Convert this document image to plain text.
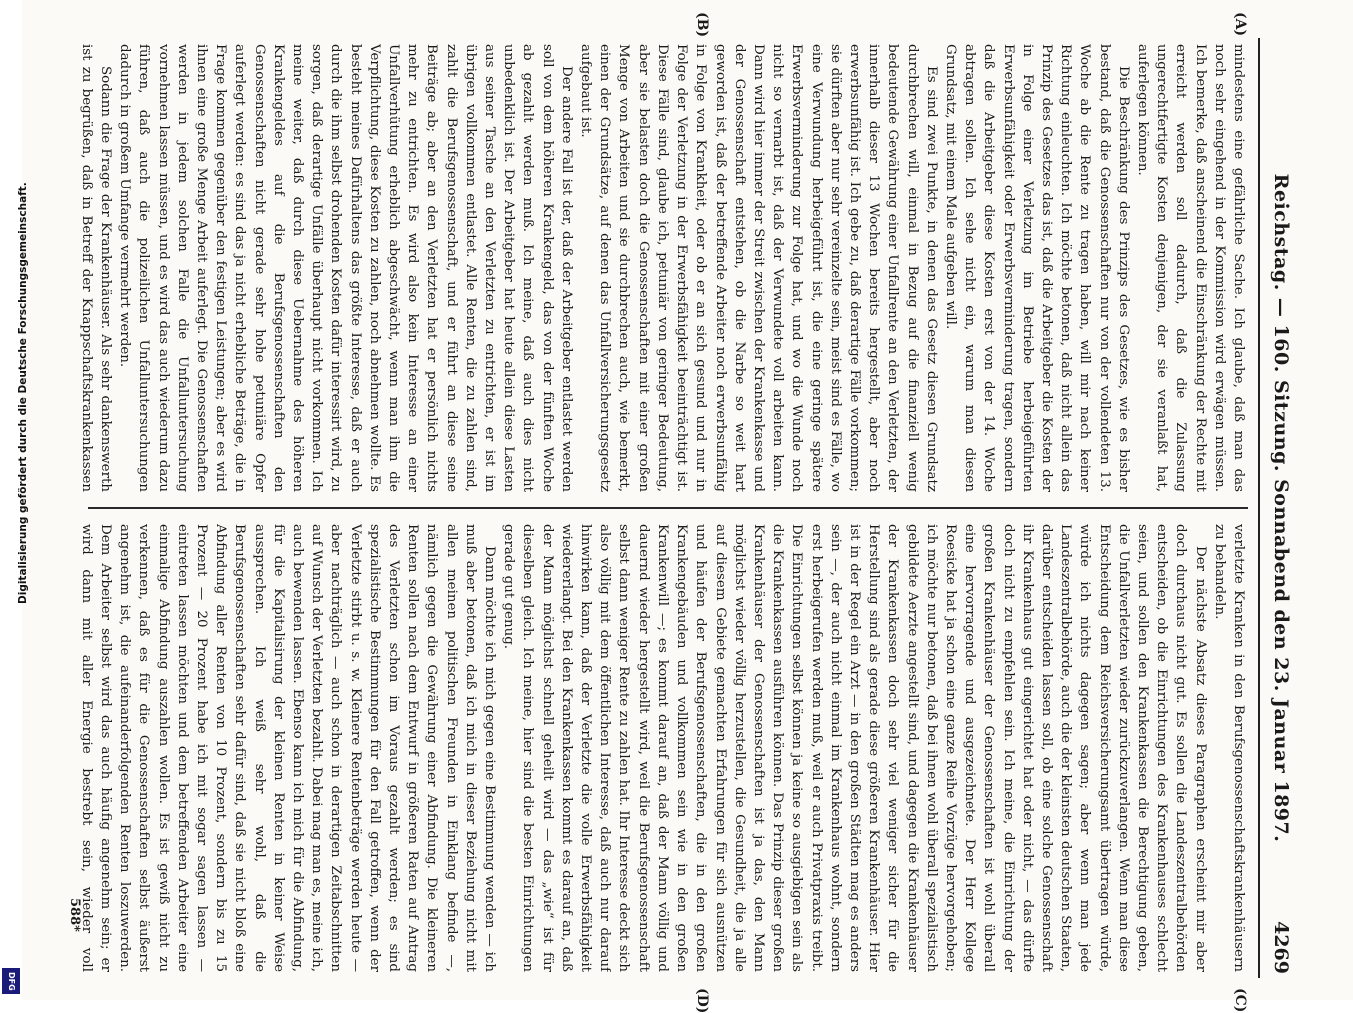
Reichstag. — 160. Sitzung. Sonnabend den 23. Januar 1897.
4269
(A)
(B)
(C)
(D)

mindestens eine gefährliche Sache. Ich glaube, daß man das noch sehr eingehend in der Kommission wird erwägen müssen. Ich bemerke, daß anscheinend die Einschränkung der Rechte mit erreicht werden soll dadurch, daß die Zulassung ungerechtfertigte Kosten denjenigen, der sie veranlaßt hat, auferlegen können.

Die Beschränkung des Prinzips des Gesetzes, wie es bisher bestand, daß die Genossenschaften nur von der vollendeten 13. Woche ab die Rente zu tragen haben, will mir nach keiner Richtung einleuchten. Ich möchte betonen, daß nicht allein das Prinzip des Gesetzes das ist, daß die Arbeitgeber die Kosten der in Folge einer Verletzung im Betriebe herbeigeführten Erwerbsunfähigkeit oder Erwerbsverminderung tragen, sondern daß die Arbeitgeber diese Kosten erst von der 14. Woche abtragen sollen. Ich sehe nicht ein, warum man diesen Grundsatz, mit einem Male aufgeben will.

Es sind zwei Punkte, in denen das Gesetz diesen Grundsatz durchbrechen will, einmal in Bezug auf die finanziell wenig bedeutende Gewährung einer Unfallrente an den Verletzten, der innerhalb dieser 13 Wochen bereits hergestellt, aber noch erwerbsunfähig ist. Ich gebe zu, daß derartige Fälle vorkommen; sie dürften aber nur sehr vereinzelte sein, meist sind es Fälle, wo eine Verwundung herbeigeführt ist, die eine geringe spätere Erwerbsverminderung zur Folge hat, und wo die Wunde noch nicht so vernarbt ist, daß der Verwundete voll arbeiten kann. Dann wird hier immer der Streit zwischen der Krankenkasse und der Genossenschaft entstehen, ob die Narbe so weit hart geworden ist, daß der betreffende Arbeiter noch erwerbsunfähig in Folge von Krankheit, oder ob er an sich gesund und nur in Folge der Verletzung in der Erwerbsfähigkeit beeinträchtigt ist. Diese Fälle sind, glaube ich, petuniär von geringer Bedeutung, aber sie belasten doch die Genossenschaften mit einer großen Menge von Arbeiten und sie durchbrechen auch, wie bemerkt, einen der Grundsätze, auf denen das Unfallversicherungsgesetz aufgebaut ist.

Der andere Fall ist der, daß der Arbeitgeber entlastet werden soll von dem höheren Krankengeld, das von der fünften Woche ab gezahlt werden muß. Ich meine, daß auch dies nicht unbedenklich ist. Der Arbeitgeber hat heute allein diese Lasten aus seiner Tasche an den Verletzten zu entrichten, er ist im übrigen vollkommen entlastet. Alle Renten, die zu zahlen sind, zahlt die Berufsgenossenschaft, und er führt an diese seine Beiträge ab; aber an den Verletzten hat er persönlich nichts mehr zu entrichten. Es wird also kein Interesse an einer Unfallverhütung erheblich abgeschwächt, wenn man ihm die Verpflichtung, diese Kosten zu zahlen, noch abnehmen wollte. Es besteht meines Dafürhaltens das größte Interesse, daß er auch durch die ihm selbst drohenden Kosten dafür interessirt wird, zu sorgen, daß derartige Unfälle überhaupt nicht vorkommen. Ich meine weiter, daß durch diese Uebernahme des höheren Krankengeldes auf die Berufsgenossenschaften den Genossenschaften nicht gerade sehr hohe petuniäre Opfer auferlegt werden: es sind das ja nicht erhebliche Beträge, die in Frage kommen gegenüber den festigen Leistungen; aber es wird ihnen eine große Menge Arbeit auferlegt. Die Genossenschaften werden in jedem solchen Falle die Unfalluntersuchung vornehmen lassen müssen, und es wird das auch wiederum dazu führen, daß auch die polizeilichen Unfalluntersuchungen dadurch in großem Umfange vermehrt werden.

Sodann die Frage der Krankenhäuser. Als sehr dankenswerth ist zu begrüßen, daß in Betreff der Knappschaftskrankenkassen

verletzte Kranken in den Berufsgenossenschaftskrankenhäusern zu behandeln.

Der nächste Absatz dieses Paragraphen erscheint mir aber doch durchaus nicht gut. Es sollen die Landeszentralbehörden entscheiden, ob die Einrichtungen des Krankenhauses schlecht seien, und sollen den Krankenkassen die Berechtigung geben, die Unfallverletzten wieder zurückzuverlangen. Wenn man diese Entscheidung dem Reichsversicherungsamt übertragen würde, würde ich nichts dagegen sagen; aber wenn man jede Landeszentralbehörde, auch die der kleinsten deutschen Staaten, darüber entscheiden lassen soll, ob eine solche Genossenschaft ihr Krankenhaus gut eingerichtet hat oder nicht, — das dürfte doch nicht zu empfehlen sein. Ich meine, die Einrichtung der großen Krankenhäuser der Genossenschaften ist wohl überall eine hervorragende und ausgezeichnete. Der Herr Kollege Roesicke hat ja schon eine ganze Reihe Vorzüge hervorgehoben; ich möchte nur betonen, daß bei ihnen wohl überall spezialistisch gebildete Aerzte angestellt sind, und dagegen die Krankenhäuser der Krankenkassen doch sehr viel weniger sicher für die Herstellung sind als gerade diese größeren Krankenhäuser. Hier ist in der Regel ein Arzt — in den großen Städten mag es anders sein —, der auch nicht einmal im Krankenhaus wohnt, sondern erst herbeigerufen werden muß, weil er auch Privatpraxis treibt. Die Einrichtungen selbst können ja keine so ausgiebigen sein als die Krankenkassen ausführen können. Das Prinzip dieser großen Krankenhäuser der Genossenschaften ist ja das, den Mann möglichst wieder völlig herzustellen, die Gesundheit, die ja alle auf diesem Gebiete gemachten Erfahrungen für sich ausnützen und häufen der Berufsgenossenschaften, die in den großen Krankengebäuden und vollkommen sein wie in den großen Krankenwill —; es kommt darauf an, daß der Mann völlig und dauernd wieder hergestellt wird, weil die Berufsgenossenschaft selbst dann weniger Rente zu zahlen hat. Ihr Interesse deckt sich also völlig mit dem öffentlichen Interesse, daß auch nur darauf hinwirken kann, daß der Verletzte die volle Erwerbsfähigkeit wiedererlangt. Bei den Krankenkassen kommt es darauf an, daß der Mann möglichst schnell geheilt wird — das „wie“ ist für dieselben gleich. Ich meine, hier sind die besten Einrichtungen gerade gut genug.

Dann möchte ich mich gegen eine Bestimmung wenden — ich muß aber betonen, daß ich mich in dieser Beziehung nicht mit allen meinen politischen Freunden in Einklang befinde —, nämlich gegen die Gewährung einer Abfindung. Die kleineren Renten sollen nach dem Entwurf in größeren Raten auf Antrag des Verletzten schon im Voraus gezahlt werden; es sind spezialistische Bestimmungen für den Fall getroffen, wenn der Verletzte stirbt u. s. w. Kleinere Rentenbeträge werden heute — aber nachträglich — auch schon in derartigen Zeitabschnitten auf Wunsch der Verletzten bezahlt. Dabei mag man es, meine ich, auch bewenden lassen. Ebenso kann ich mich für die Abfindung, für die Kapitalisirung der kleinen Renten in keiner Weise aussprechen. Ich weiß sehr wohl, daß die Berufsgenossenschaften sehr dafür sind, daß sie nicht bloß eine Abfindung aller Renten von 10 Prozent, sondern bis zu 15 Prozent — 20 Prozent habe ich mit sogar sagen lassen — eintreten lassen möchten und dem betreffenden Arbeiter eine einmalige Abfindung auszahlen wollen. Es ist gewiß nicht zu verkennen, daß es für die Genossenschaften selbst äußerst angenehm ist, die aufeinanderfolgenden Renten loszuwerden. Dem Arbeiter selbst wird das auch häufig angenehm sein; er wird dann mit aller Energie bestrebt sein, wieder voll

588*
Digitalisierung gefördert durch die Deutsche Forschungsgemeinschaft.
DFG
